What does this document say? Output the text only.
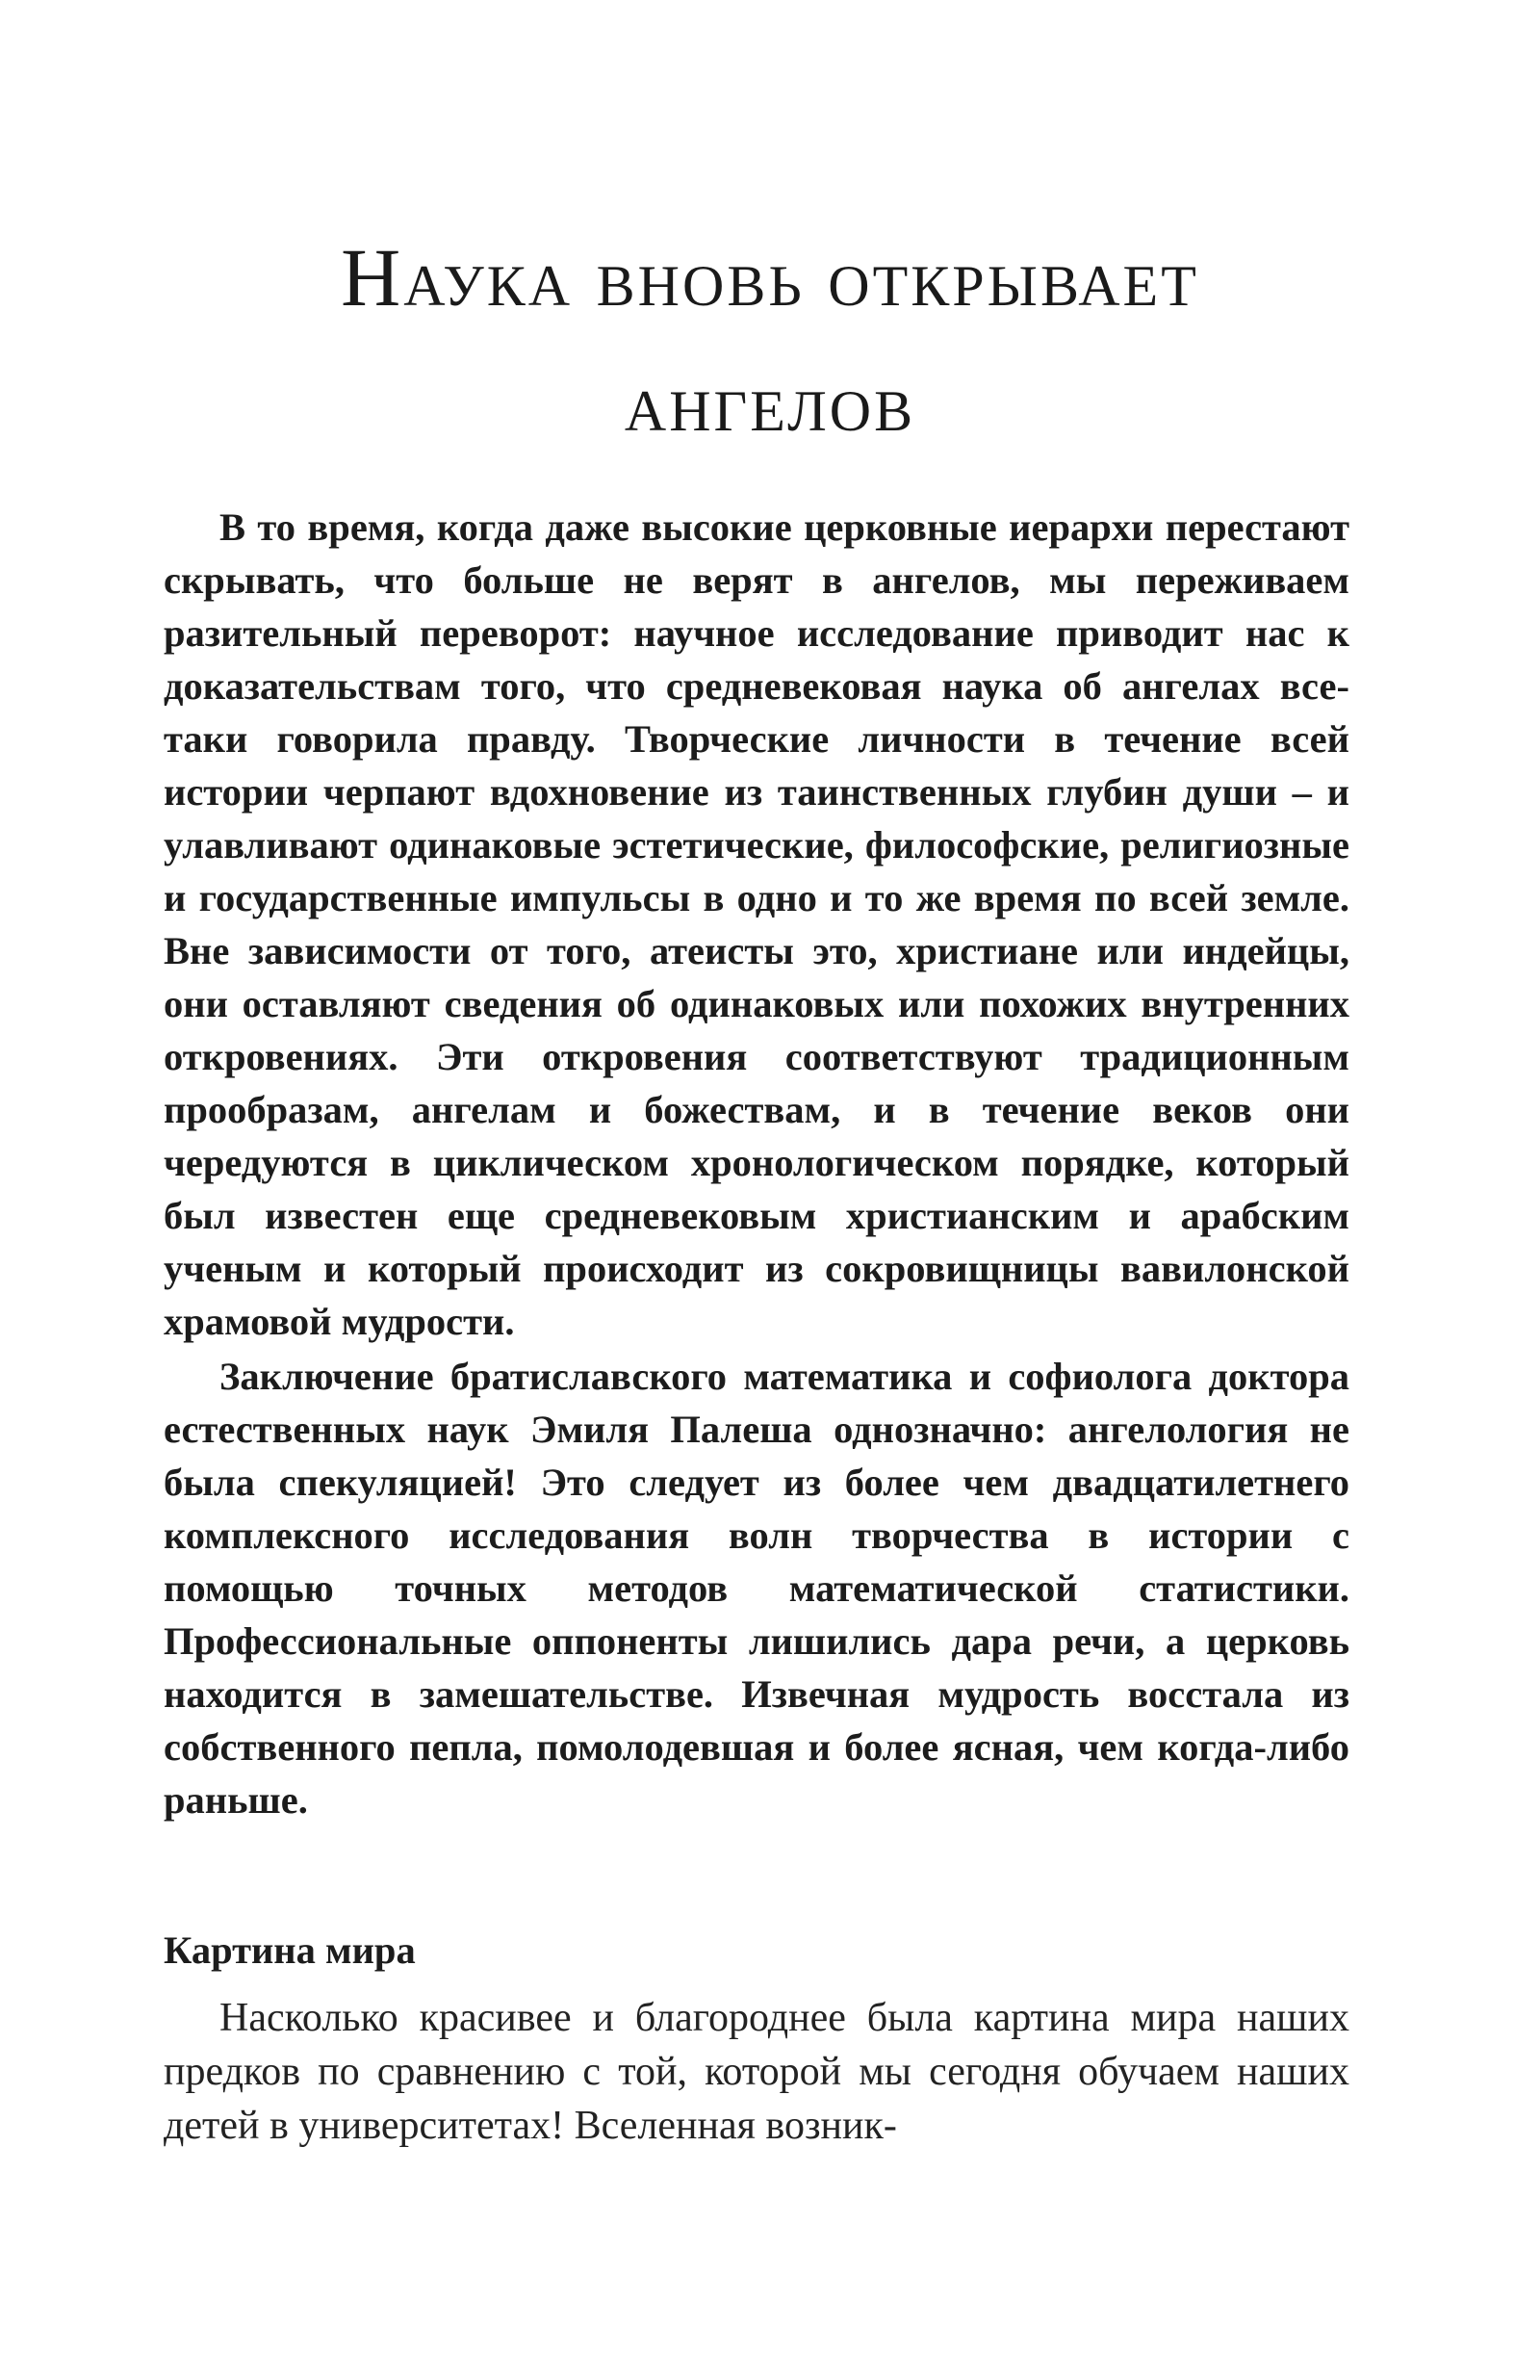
Наука вновь открывает
ангелов

В то время, когда даже высокие церковные иерархи перестают скрывать, что больше не верят в ангелов, мы переживаем разительный переворот: научное исследование приводит нас к доказательствам того, что средневековая наука об ангелах все-таки говорила правду. Творческие личности в течение всей истории черпают вдохновение из таинственных глубин души – и улавливают одинаковые эстетические, философские, религиозные и государственные импульсы в одно и то же время по всей земле. Вне зависимости от того, атеисты это, христиане или индейцы, они оставляют сведения об одинаковых или похожих внутренних откровениях. Эти откровения соответствуют традиционным прообразам, ангелам и божествам, и в течение веков они чередуются в циклическом хронологическом порядке, который был известен еще средневековым христианским и арабским ученым и который происходит из сокровищницы вавилонской храмовой мудрости.

Заключение братиславского математика и софиолога доктора естественных наук Эмиля Палеша однозначно: ангелология не была спекуляцией! Это следует из более чем двадцатилетнего комплексного исследования волн творчества в истории с помощью точных методов математической статистики. Профессиональные оппоненты лишились дара речи, а церковь находится в замешательстве. Извечная мудрость восстала из собственного пепла, помолодевшая и более ясная, чем когда-либо раньше.

Картина мира

Насколько красивее и благороднее была картина мира наших предков по сравнению с той, которой мы сегодня обучаем наших детей в университетах! Вселенная возник-
